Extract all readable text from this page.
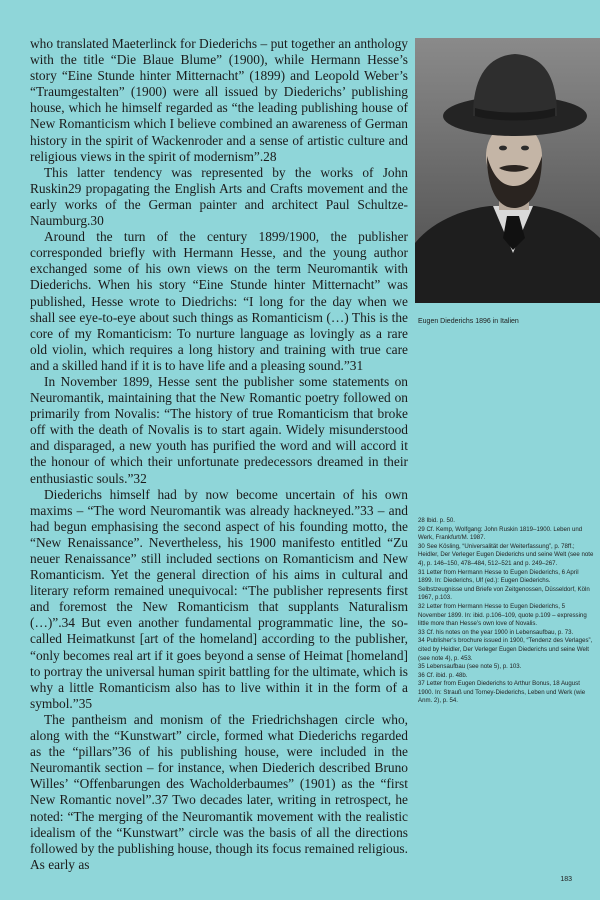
who translated Maeterlinck for Diederichs – put together an anthology with the title “Die Blaue Blume” (1900), while Hermann Hesse’s story “Eine Stunde hinter Mitternacht” (1899) and Leopold Weber’s “Traumgestalten” (1900) were all issued by Diederichs’ publishing house, which he himself regarded as “the leading publishing house of New Romanticism which I believe combined an awareness of German history in the spirit of Wackenroder and a sense of artistic culture and religious views in the spirit of modernism”.28

This latter tendency was represented by the works of John Ruskin29 propagating the English Arts and Crafts movement and the early works of the German painter and architect Paul Schultze-Naumburg.30

Around the turn of the century 1899/1900, the publisher corresponded briefly with Hermann Hesse, and the young author exchanged some of his own views on the term Neuromantik with Diederichs. When his story “Eine Stunde hinter Mitternacht” was published, Hesse wrote to Diedrichs: “I long for the day when we shall see eye-to-eye about such things as Romanticism (…) This is the core of my Romanticism: To nurture language as lovingly as a rare old violin, which requires a long history and training with true care and a skilled hand if it is to have life and a pleasing sound.”31

In November 1899, Hesse sent the publisher some statements on Neuromantik, maintaining that the New Romantic poetry followed on primarily from Novalis: “The history of true Romanticism that broke off with the death of Novalis is to start again. Widely misunderstood and disparaged, a new youth has purified the word and will accord it the honour of which their unfortunate predecessors dreamed in their enthusiastic souls.”32

Diederichs himself had by now become uncertain of his own maxims – “The word Neuromantik was already hackneyed.”33 – and had begun emphasising the second aspect of his founding motto, the “New Renaissance”. Nevertheless, his 1900 manifesto entitled “Zu neuer Renaissance” still included sections on Romanticism and New Romanticism. Yet the general direction of his aims in cultural and literary reform remained unequivocal: “The publisher represents first and foremost the New Romanticism that supplants Naturalism (…)”.34 But even another fundamental programmatic line, the so-called Heimatkunst [art of the homeland] according to the publisher, “only becomes real art if it goes beyond a sense of Heimat [homeland] to portray the universal human spirit battling for the ultimate, which is why a little Romanticism also has to live within it in the form of a symbol.”35

The pantheism and monism of the Friedrichshagen circle who, along with the “Kunstwart” circle, formed what Diederichs regarded as the “pillars”36 of his publishing house, were included in the Neuromantik section – for instance, when Diederich described Bruno Willes’ “Offenbarungen des Wacholderbaumes” (1901) as the “first New Romantic novel”.37 Two decades later, writing in retrospect, he noted: “The merging of the Neuromantik movement with the realistic idealism of the “Kunstwart” circle was the basis of all the directions followed by the publishing house, though its focus remained religious. As early as

Eugen Diederichs 1896 in Italien
28 Ibid. p. 50.
29 Cf. Kemp, Wolfgang: John Ruskin 1819–1900. Leben und Werk, Frankfurt/M. 1987.
30 See Kösling, “Universalität der Weiterfassung”, p. 78ff.; Heidler, Der Verleger Eugen Diederichs und seine Welt (see note 4), p. 146–150, 478–484, 512–521 and p. 249–267.
31 Letter from Hermann Hesse to Eugen Diederichs, 6 April 1899. In: Diederichs, Ulf (ed.): Eugen Diederichs. Selbstzeugnisse und Briefe von Zeitgenossen, Düsseldorf, Köln 1967, p.103.
32 Letter from Hermann Hesse to Eugen Diederichs, 5 November 1899. In: ibid. p.106–109, quote p.109 – expressing little more than Hesse’s own love of Novalis.
33 Cf. his notes on the year 1900 in Lebensaufbau, p. 73.
34 Publisher’s brochure issued in 1900, “Tendenz des Verlages”, cited by Heidler, Der Verleger Eugen Diederichs und seine Welt (see note 4), p. 453.
35 Lebensaufbau (see note 5), p. 103.
36 Cf. ibid. p. 48b.
37 Letter from Eugen Diederichs to Arthur Bonus, 18 August 1900. In: Strauß und Torney-Diederichs, Leben und Werk (wie Anm. 2), p. 54.
183
